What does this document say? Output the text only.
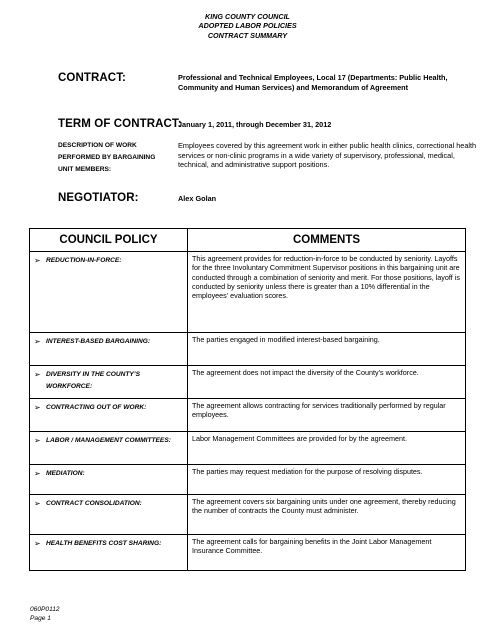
KING COUNTY COUNCIL
ADOPTED LABOR POLICIES
CONTRACT SUMMARY
CONTRACT:	Professional and Technical Employees, Local 17 (Departments: Public Health, Community and Human Services) and Memorandum of Agreement
TERM OF CONTRACT:
January 1, 2011, through December 31, 2012
DESCRIPTION OF WORK
PERFORMED BY BARGAINING
UNIT MEMBERS:
Employees covered by this agreement work in either public health clinics, correctional health services or non-clinic programs in a wide variety of supervisory, professional, medical, technical, and administrative support positions.
NEGOTIATOR:	Alex Golan
COUNCIL POLICY	COMMENTS

➢ REDUCTION-IN-FORCE:	This agreement provides for reduction-in-force to be conducted by seniority. Layoffs for the three Involuntary Commitment Supervisor positions in this bargaining unit are conducted through a combination of seniority and merit. For those positions, layoff is conducted by seniority unless there is greater than a 10% differential in the employees’ evaluation scores.

➢ INTEREST-BASED BARGAINING:	The parties engaged in modified interest-based bargaining.

➢ DIVERSITY IN THE COUNTY’S WORKFORCE:	The agreement does not impact the diversity of the County’s workforce.

➢ CONTRACTING OUT OF WORK:	The agreement allows contracting for services traditionally performed by regular employees.

➢ LABOR / MANAGEMENT COMMITTEES:	Labor Management Committees are provided for by the agreement.

➢ MEDIATION:	The parties may request mediation for the purpose of resolving disputes.

➢ CONTRACT CONSOLIDATION:	The agreement covers six bargaining units under one agreement, thereby reducing the number of contracts the County must administer.

➢ HEALTH BENEFITS COST SHARING:	The agreement calls for bargaining benefits in the Joint Labor Management Insurance Committee.
060P0112
Page 1
